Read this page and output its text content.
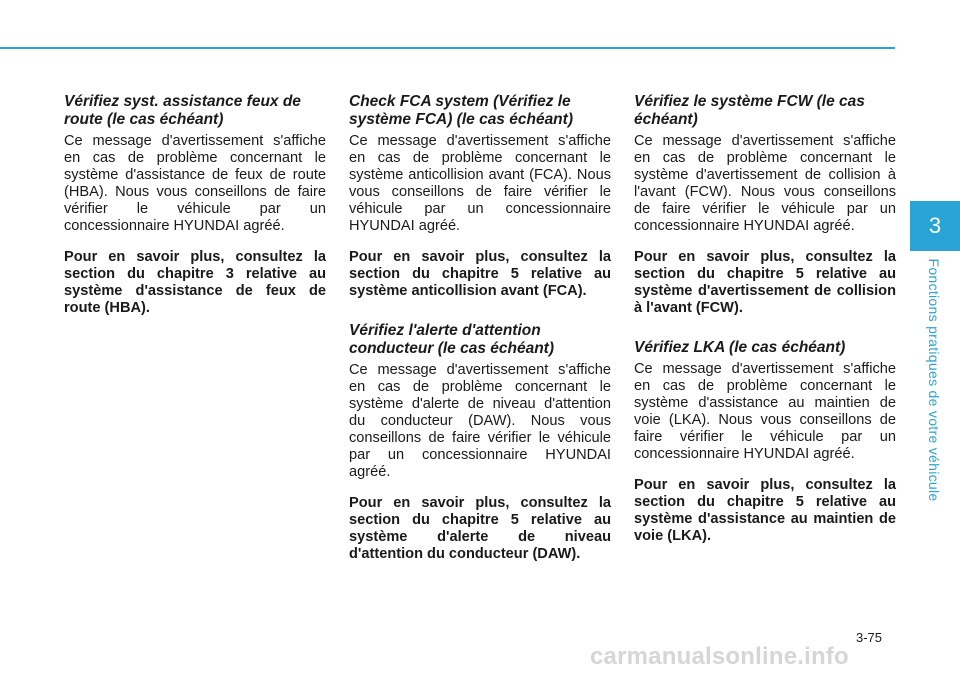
Vérifiez syst. assistance feux de route (le cas échéant)

Ce message d'avertissement s'affiche en cas de problème concernant le système d'assistance de feux de route (HBA). Nous vous conseillons de faire vérifier le véhicule par un concessionnaire HYUNDAI agréé.

Pour en savoir plus, consultez la section du chapitre 3 relative au système d'assistance de feux de route (HBA).

Check FCA system (Vérifiez le système FCA) (le cas échéant)

Ce message d'avertissement s'affiche en cas de problème concernant le système anticollision avant (FCA). Nous vous conseillons de faire vérifier le véhicule par un concessionnaire HYUNDAI agréé.

Pour en savoir plus, consultez la section du chapitre 5 relative au système anticollision avant (FCA).

Vérifiez l'alerte d'attention conducteur (le cas échéant)

Ce message d'avertissement s'affiche en cas de problème concernant le système d'alerte de niveau d'attention du conducteur (DAW). Nous vous conseillons de faire vérifier le véhicule par un concessionnaire HYUNDAI agréé.

Pour en savoir plus, consultez la section du chapitre 5 relative au système d'alerte de niveau d'attention du conducteur (DAW).

Vérifiez le système FCW (le cas échéant)

Ce message d'avertissement s'affiche en cas de problème concernant le système d'avertissement de collision à l'avant (FCW). Nous vous conseillons de faire vérifier le véhicule par un concessionnaire HYUNDAI agréé.

Pour en savoir plus, consultez la section du chapitre 5 relative au système d'avertissement de collision à l'avant (FCW).

Vérifiez LKA (le cas échéant)

Ce message d'avertissement s'affiche en cas de problème concernant le système d'assistance au maintien de voie (LKA). Nous vous conseillons de faire vérifier le véhicule par un concessionnaire HYUNDAI agréé.

Pour en savoir plus, consultez la section du chapitre 5 relative au système d'assistance au maintien de voie (LKA).

3
Fonctions pratiques de votre véhicule
3-75
carmanualsonline.info
